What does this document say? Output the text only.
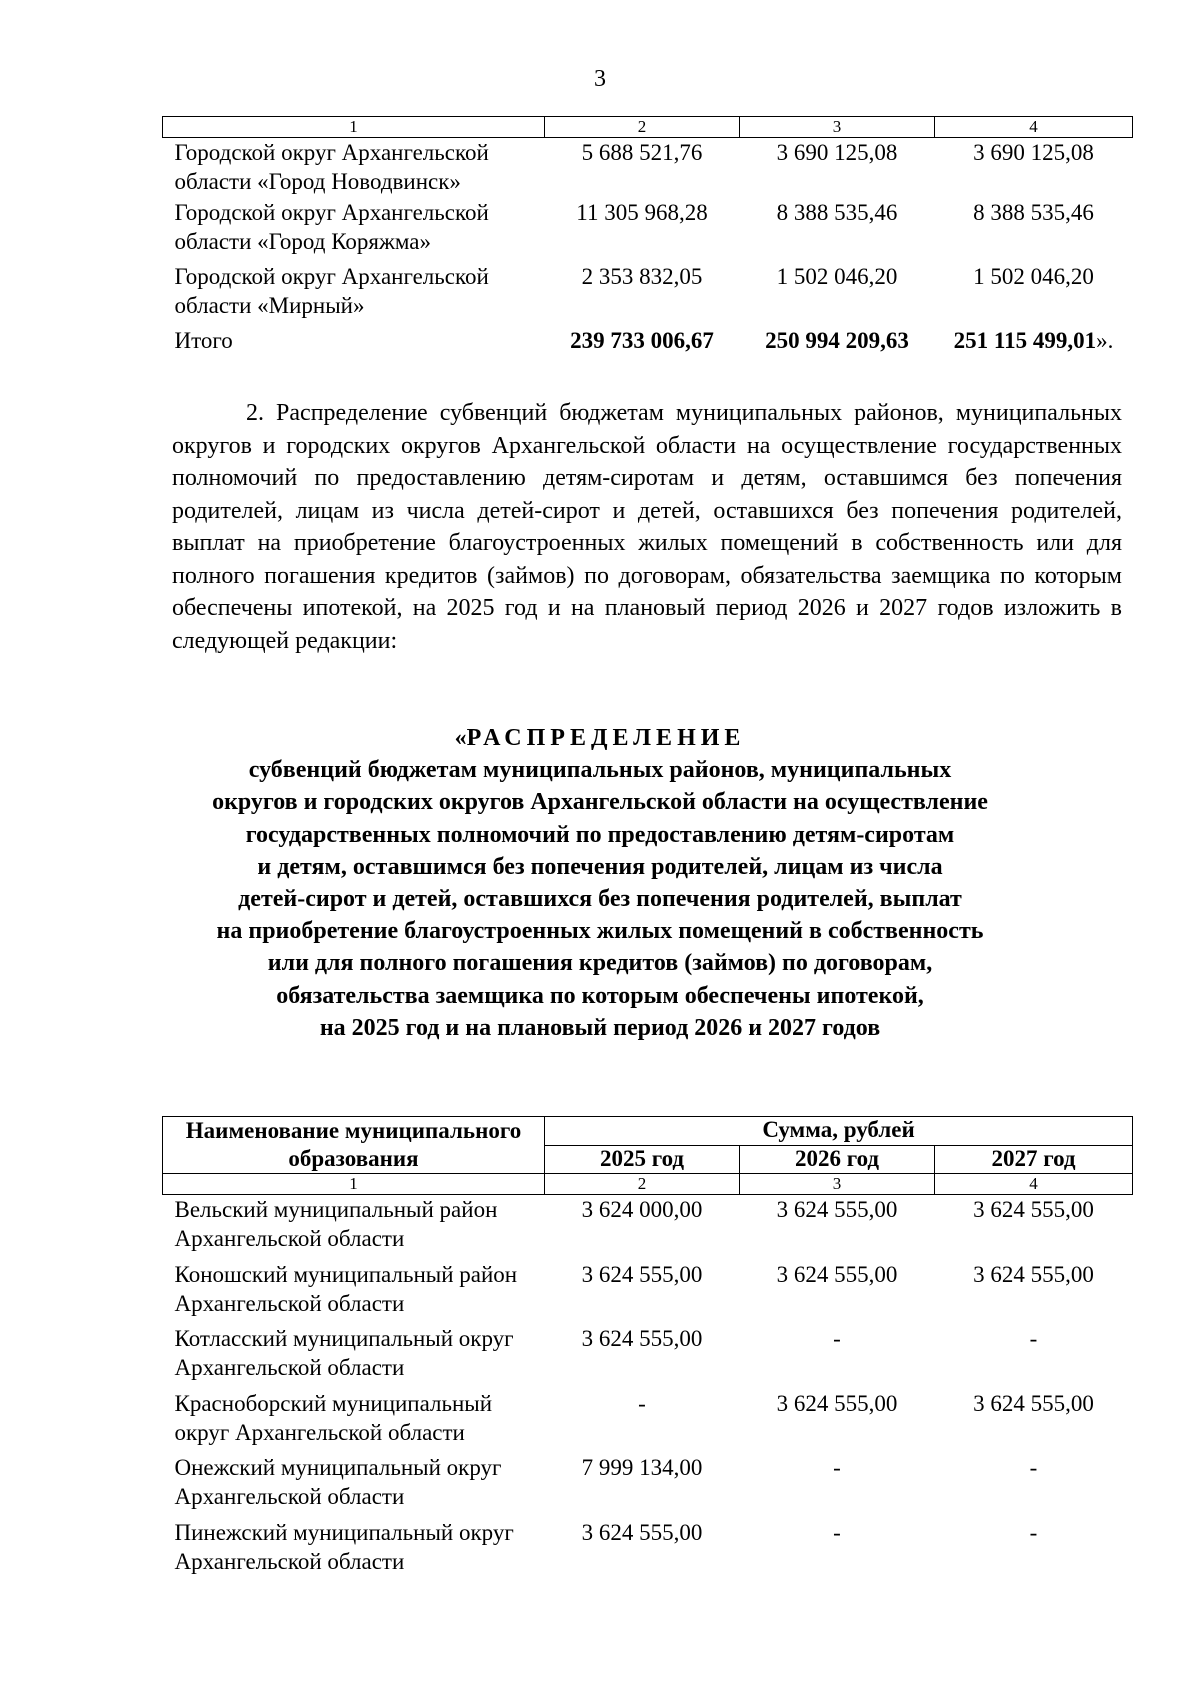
3
1	2	3	4
Городской округ Архангельской области «Город Новодвинск»	5 688 521,76	3 690 125,08	3 690 125,08
Городской округ Архангельской области «Город Коряжма»	11 305 968,28	8 388 535,46	8 388 535,46
Городской округ Архангельской области «Мирный»	2 353 832,05	1 502 046,20	1 502 046,20
Итого	239 733 006,67	250 994 209,63	251 115 499,01».
2. Распределение субвенций бюджетам муниципальных районов, муниципальных округов и городских округов Архангельской области на осуществление государственных полномочий по предоставлению детям-сиротам и детям, оставшимся без попечения родителей, лицам из числа детей-сирот и детей, оставшихся без попечения родителей, выплат на приобретение благоустроенных жилых помещений в собственность или для полного погашения кредитов (займов) по договорам, обязательства заемщика по которым обеспечены ипотекой, на 2025 год и на плановый период 2026 и 2027 годов изложить в следующей редакции:
«РАСПРЕДЕЛЕНИЕ
субвенций бюджетам муниципальных районов, муниципальных
округов и городских округов Архангельской области на осуществление
государственных полномочий по предоставлению детям-сиротам
и детям, оставшимся без попечения родителей, лицам из числа
детей-сирот и детей, оставшихся без попечения родителей, выплат
на приобретение благоустроенных жилых помещений в собственность
или для полного погашения кредитов (займов) по договорам,
обязательства заемщика по которым обеспечены ипотекой,
на 2025 год и на плановый период 2026 и 2027 годов
Наименование муниципального образования	Сумма, рублей		
	2025 год	2026 год	2027 год
1	2	3	4
Вельский муниципальный район Архангельской области	3 624 000,00	3 624 555,00	3 624 555,00
Коношский муниципальный район Архангельской области	3 624 555,00	3 624 555,00	3 624 555,00
Котласский муниципальный округ Архангельской области	3 624 555,00	-	-
Красноборский муниципальный округ Архангельской области	-	3 624 555,00	3 624 555,00
Онежский муниципальный округ Архангельской области	7 999 134,00	-	-
Пинежский муниципальный округ Архангельской области	3 624 555,00	-	-
